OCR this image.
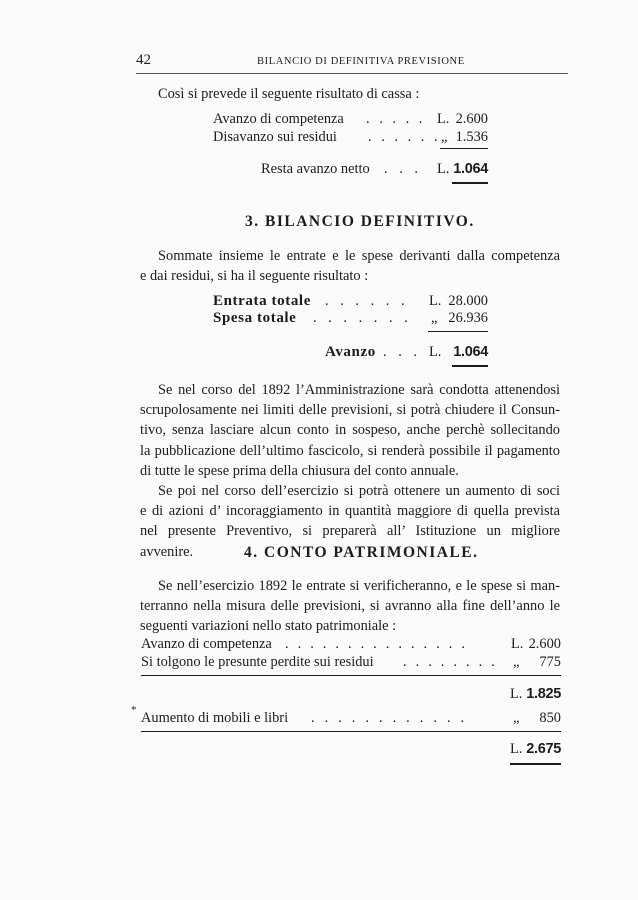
42	BILANCIO DI DEFINITIVA PREVISIONE
Così si prevede il seguente risultato di cassa :
Avanzo di competenza . . . . . L. 2.600
Disavanzo sui residui . . . . . . „ 1.536
Resta avanzo netto . . . L. 1.064
3. BILANCIO DEFINITIVO.
Sommate insieme le entrate e le spese derivanti dalla competenza
e dai residui, si ha il seguente risultato :
Entrata totale . . . . . . L. 28.000
Spesa totale . . . . . . . „ 26.936
Avanzo . . . L. 1.064
Se nel corso del 1892 l’Amministrazione sarà condotta attenendosi
scrupolosamente nei limiti delle previsioni, si potrà chiudere il Consun-
tivo, senza lasciare alcun conto in sospeso, anche perchè sollecitando
la pubblicazione dell’ultimo fascicolo, si renderà possibile il pagamento
di tutte le spese prima della chiusura del conto annuale.
Se poi nel corso dell’esercizio si potrà ottenere un aumento di soci
e di azioni d’ incoraggiamento in quantità maggiore di quella prevista
nel presente Preventivo, si preparerà all’ Istituzione un migliore avvenire.	4. CONTO PATRIMONIALE.
Se nell’esercizio 1892 le entrate si verificheranno, e le spese si man-
terranno nella misura delle previsioni, si avranno alla fine dell’anno le
seguenti variazioni nello stato patrimoniale :
Avanzo di competenza . . . . . . . . . . . . . . .	L. 2.600
Si tolgono le presunte perdite sui residui . . . . . . . . „ 775
L. 1.825
* Aumento di mobili e libri . . . . . . . . . . . .	„ 850
L. 2.675
